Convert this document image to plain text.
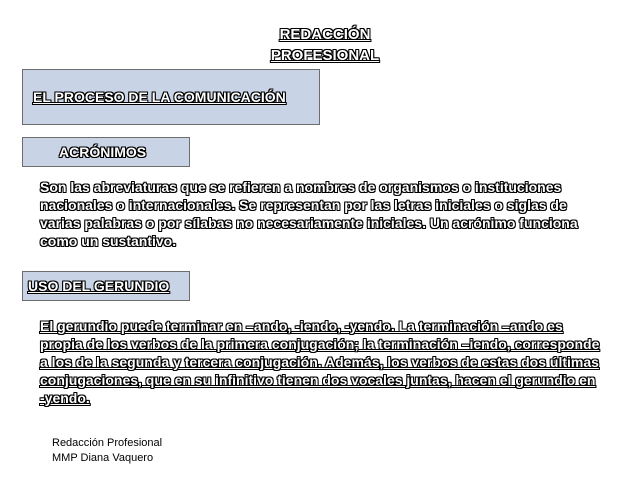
REDACCIÓN
PROFESIONAL
EL PROCESO DE LA COMUNICACIÓN
ACRÓNIMOS
Son las abreviaturas que se refieren a nombres de organismos o instituciones nacionales o internacionales. Se representan por las letras iniciales o siglas de varias palabras o por sílabas no necesariamente iniciales. Un acrónimo funciona como un sustantivo.
USO DEL GERUNDIO
El gerundio puede terminar en –ando, -iendo, -yendo. La terminación –ando es propia de los verbos de la primera conjugación; la terminación –iendo, corresponde a los de la segunda y tercera conjugación. Además, los verbos de estas dos últimas conjugaciones, que en su infinitivo tienen dos vocales juntas, hacen el gerundio en -yendo.
Redacción Profesional
MMP Diana Vaquero
